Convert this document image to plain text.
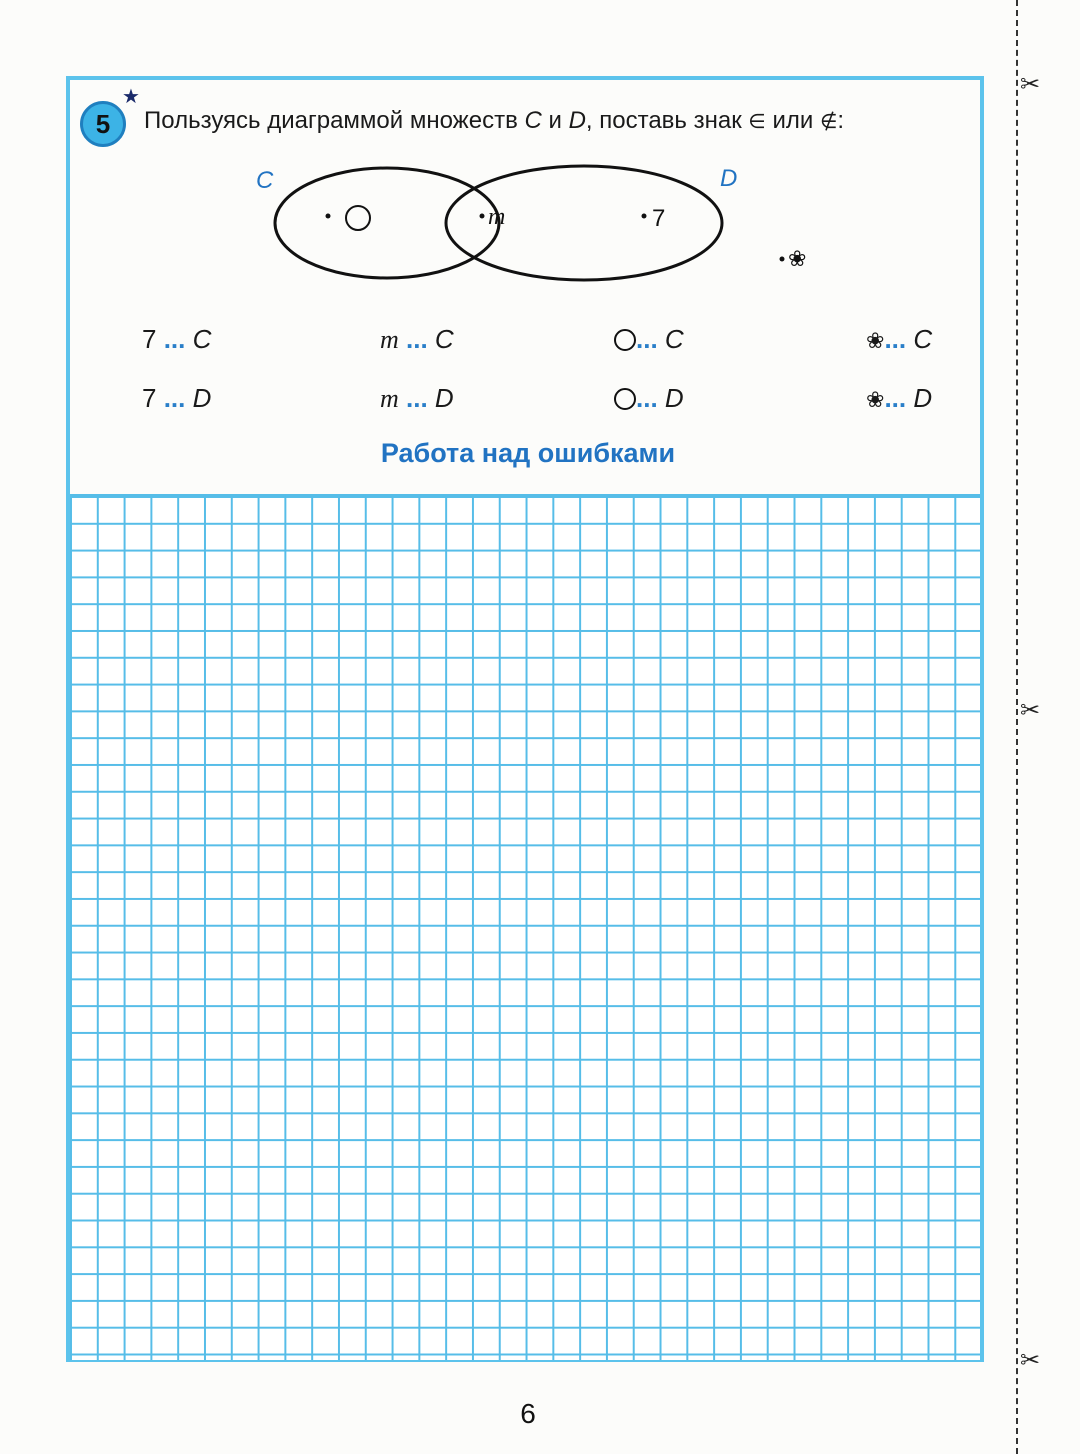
✂
✂
✂
5
★
Пользуясь диаграммой множеств C и D, поставь знак ∈ или ∉:
C	D
m	7
❀
7 ... C	m ... C	... C	❀... C
7 ... D	m ... D	... D	❀... D
Работа над ошибками
6
